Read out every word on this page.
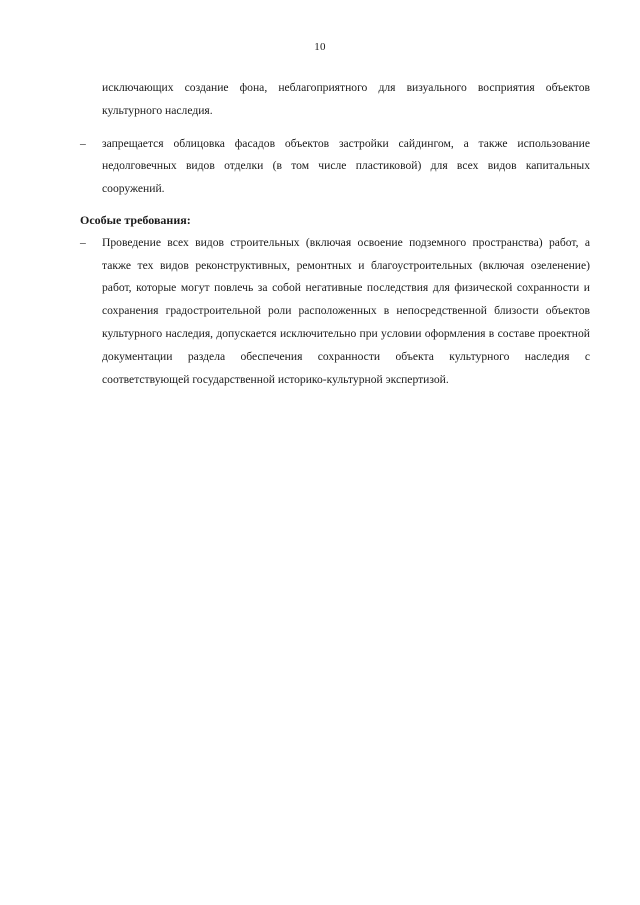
10

исключающих создание фона, неблагоприятного для визуального восприятия объектов культурного наследия.

– запрещается облицовка фасадов объектов застройки сайдингом, а также использование недолговечных видов отделки (в том числе пластиковой) для всех видов капитальных сооружений.

Особые требования:

– Проведение всех видов строительных (включая освоение подземного пространства) работ, а также тех видов реконструктивных, ремонтных и благоустроительных (включая озеленение) работ, которые могут повлечь за собой негативные последствия для физической сохранности и сохранения градостроительной роли расположенных в непосредственной близости объектов культурного наследия, допускается исключительно при условии оформления в составе проектной документации раздела обеспечения сохранности объекта культурного наследия с соответствующей государственной историко-культурной экспертизой.
